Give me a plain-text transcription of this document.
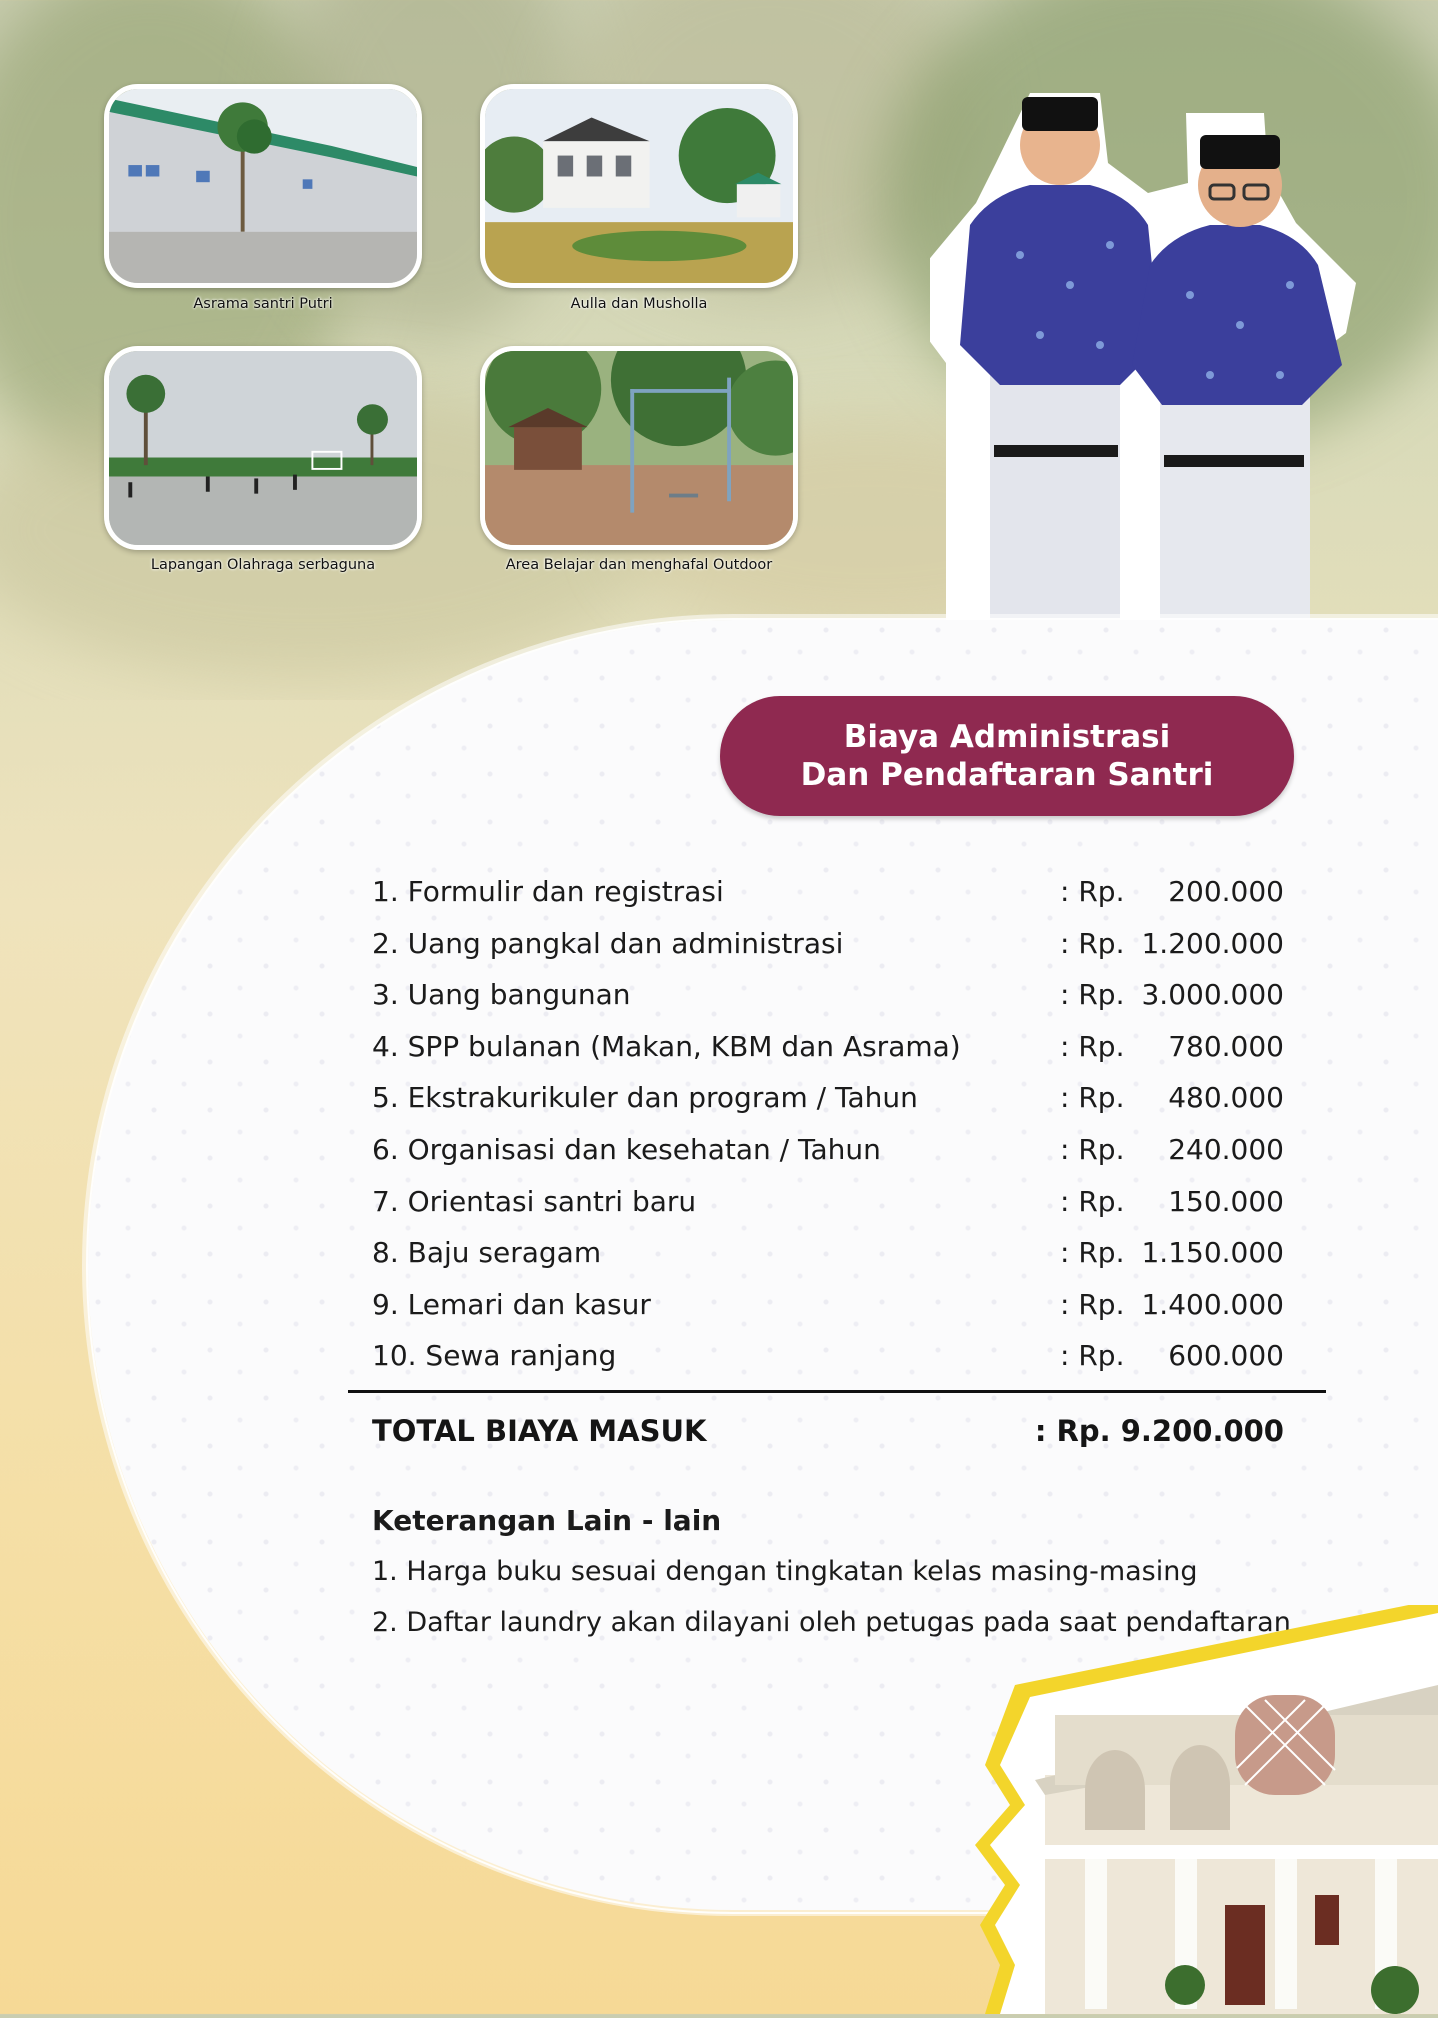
Asrama santri Putri	Aulla dan Musholla
Lapangan Olahraga serbaguna	Area Belajar dan menghafal Outdoor
Biaya Administrasi
Dan Pendaftaran Santri
1. Formulir dan registrasi	: Rp. 200.000
2. Uang pangkal dan administrasi	: Rp. 1.200.000
3. Uang bangunan	: Rp. 3.000.000
4. SPP bulanan (Makan, KBM dan Asrama)	: Rp. 780.000
5. Ekstrakurikuler dan program / Tahun	: Rp. 480.000
6. Organisasi dan kesehatan / Tahun	: Rp. 240.000
7. Orientasi santri baru	: Rp. 150.000
8. Baju seragam	: Rp. 1.150.000
9. Lemari dan kasur	: Rp. 1.400.000
10. Sewa ranjang	: Rp. 600.000
TOTAL BIAYA MASUK	: Rp. 9.200.000
Keterangan Lain - lain
1. Harga buku sesuai dengan tingkatan kelas masing-masing
2. Daftar laundry akan dilayani oleh petugas pada saat pendaftaran
